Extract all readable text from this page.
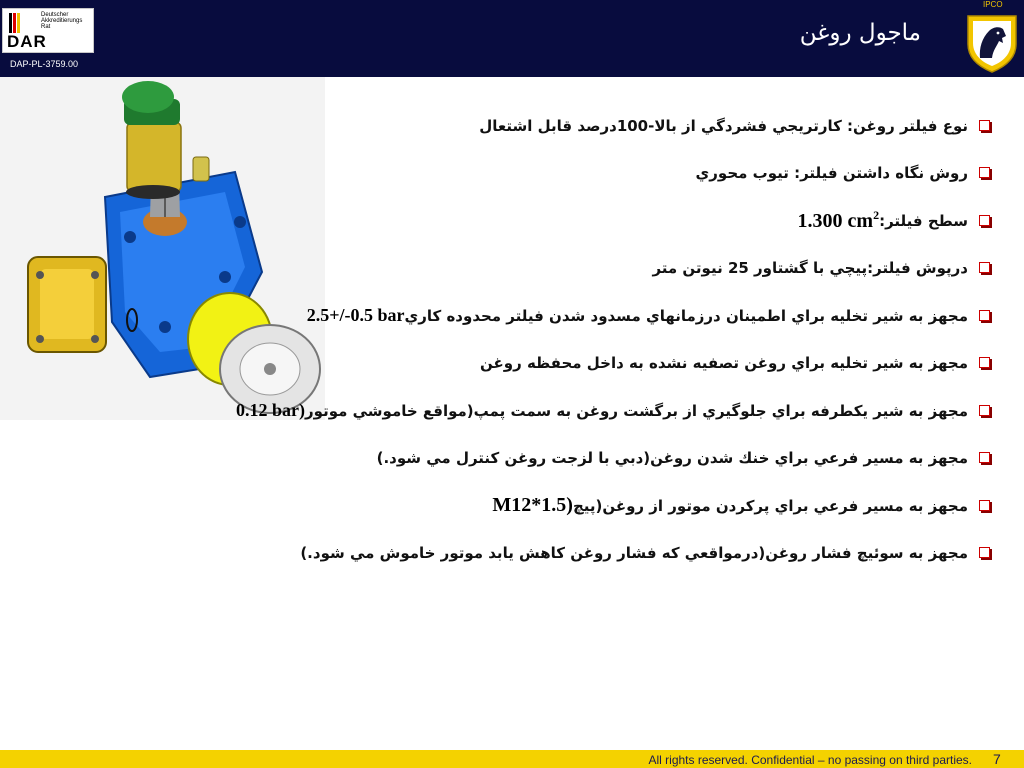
Deutscher
Akkreditierungs
Rat
DAR
DAP-PL-3759.00
ماجول روغن
IPCO
نوع فيلتر روغن: كارتريجي فشردگي از بالا-100درصد قابل اشتعال
روش نگاه داشتن فيلتر: تيوب محوري
سطح فيلتر:
1.300 $cm^2$
درپوش فيلتر:پيچي با گشتاور 25 نيوتن متر
مجهز به شير تخليه براي اطمينان درزمانهاي مسدود شدن فيلتر محدوده كاري
2.5+/-0.5 bar
مجهز به شير تخليه براي روغن تصفيه نشده به داخل محفظه روغن
مجهز به شير يكطرفه براي جلوگيري از برگشت روغن به سمت پمپ(مواقع خاموشي موتور
0.12 bar)
مجهز به مسير فرعي براي خنك شدن روغن(دبي با لزجت روغن كنترل مي شود.)
مجهز به مسير فرعي براي پركردن موتور از روغن(پيچ
M12*1.5)
مجهز به سوئيچ فشار روغن(درمواقعي كه فشار روغن كاهش يابد موتور خاموش مي شود.)
All rights reserved. Confidential – no passing on third parties. 7
